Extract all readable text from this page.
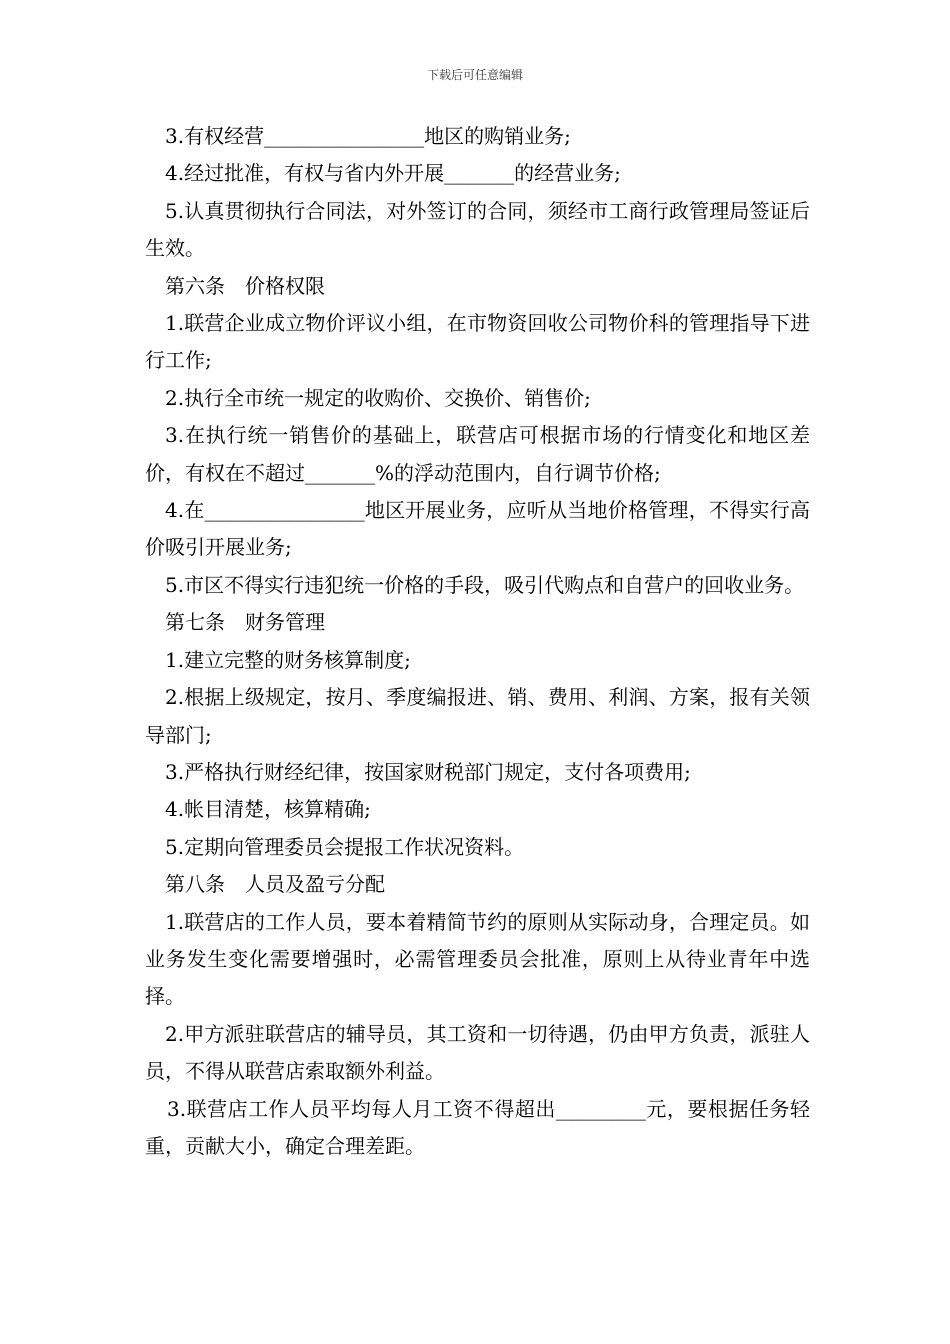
下载后可任意编辑

3.有权经营________________地区的购销业务;

4.经过批准，有权与省内外开展_______的经营业务;

5.认真贯彻执行合同法，对外签订的合同，须经市工商行政管理局签证后生效。

第六条　价格权限

1.联营企业成立物价评议小组，在市物资回收公司物价科的管理指导下进行工作;

2.执行全市统一规定的收购价、交换价、销售价;

3.在执行统一销售价的基础上，联营店可根据市场的行情变化和地区差价，有权在不超过_______%的浮动范围内，自行调节价格;

4.在________________地区开展业务，应听从当地价格管理，不得实行高价吸引开展业务;

5.市区不得实行违犯统一价格的手段，吸引代购点和自营户的回收业务。

第七条　财务管理

1.建立完整的财务核算制度;

2.根据上级规定，按月、季度编报进、销、费用、利润、方案，报有关领导部门;

3.严格执行财经纪律，按国家财税部门规定，支付各项费用;

4.帐目清楚，核算精确;

5.定期向管理委员会提报工作状况资料。

第八条　人员及盈亏分配

1.联营店的工作人员，要本着精简节约的原则从实际动身，合理定员。如业务发生变化需要增强时，必需管理委员会批准，原则上从待业青年中选择。

2.甲方派驻联营店的辅导员，其工资和一切待遇，仍由甲方负责，派驻人员，不得从联营店索取额外利益。

3.联营店工作人员平均每人月工资不得超出_________元，要根据任务轻重，贡献大小，确定合理差距。
